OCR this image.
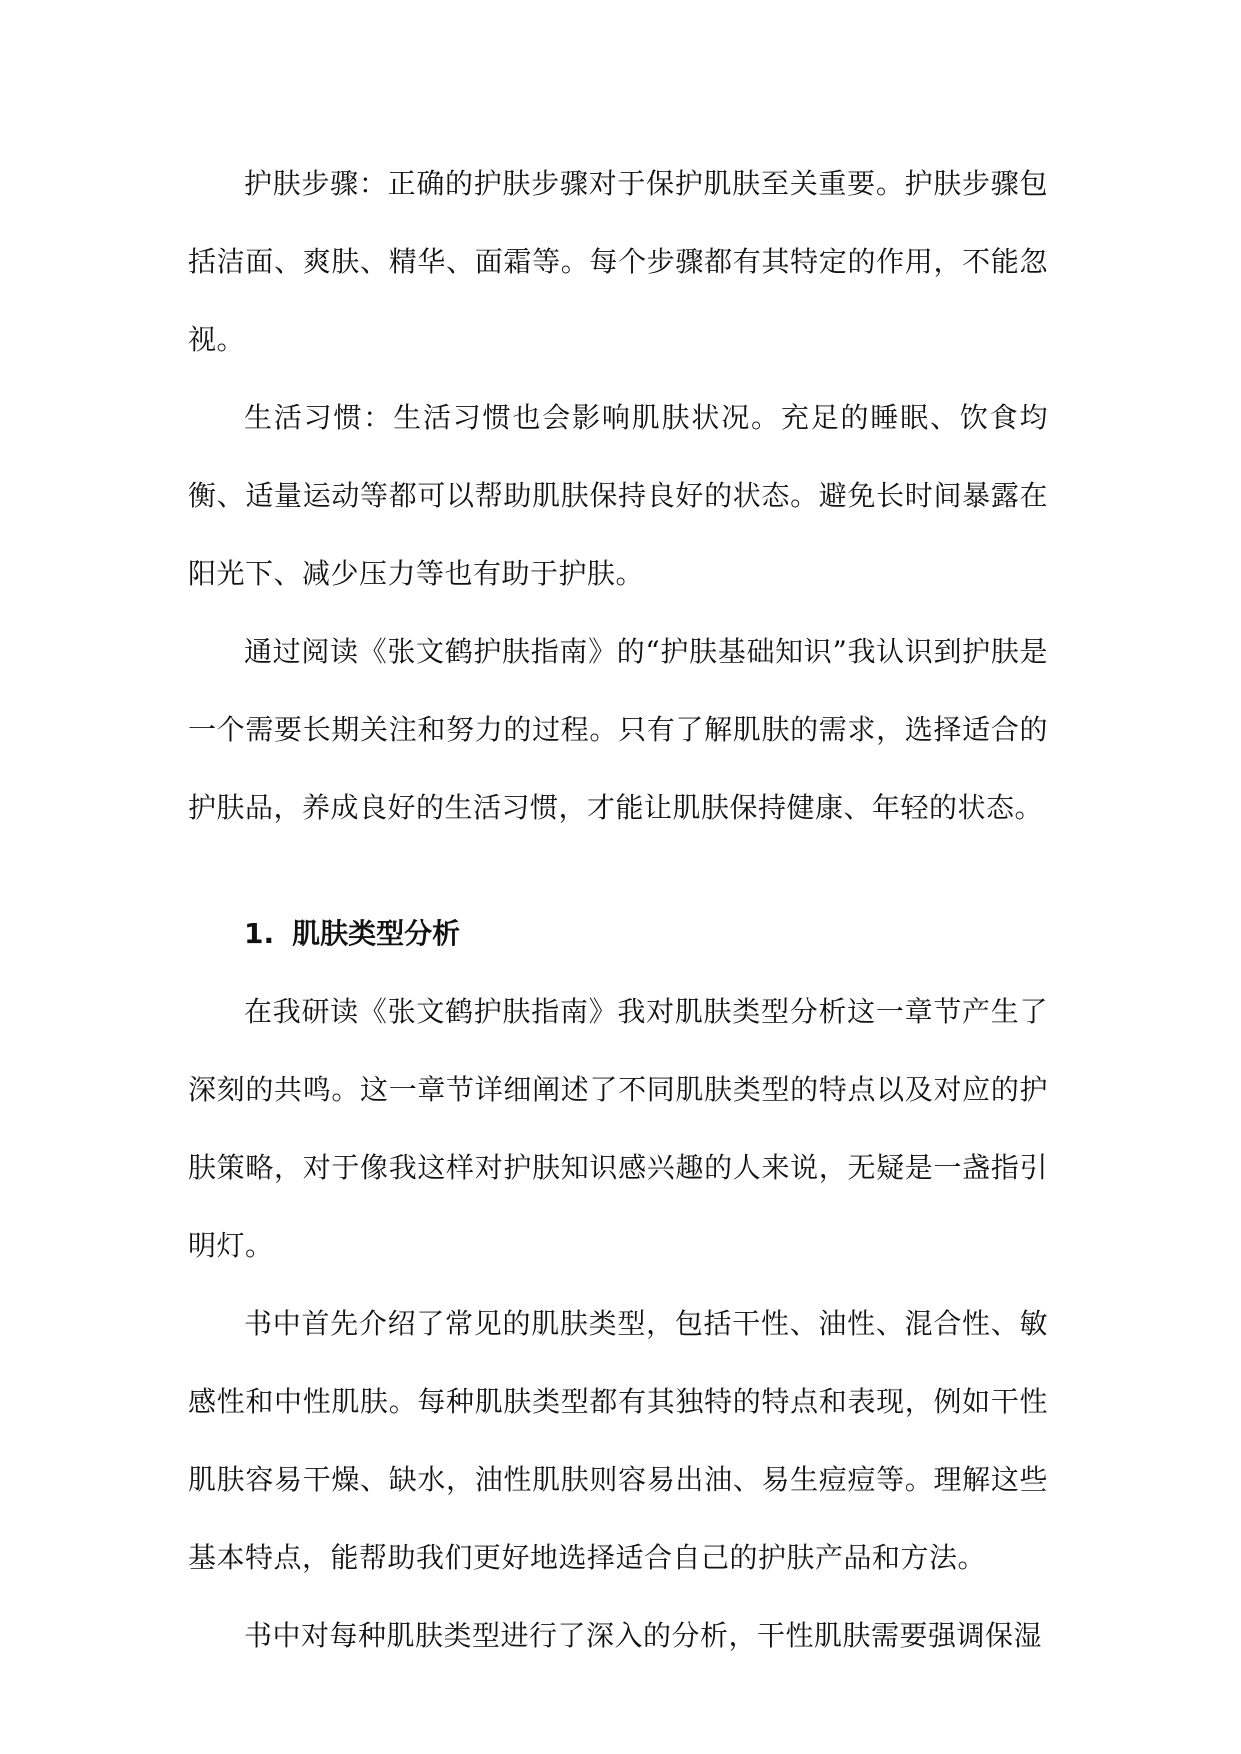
护肤步骤：正确的护肤步骤对于保护肌肤至关重要。护肤步骤包括洁面、爽肤、精华、面霜等。每个步骤都有其特定的作用，不能忽视。

生活习惯：生活习惯也会影响肌肤状况。充足的睡眠、饮食均衡、适量运动等都可以帮助肌肤保持良好的状态。避免长时间暴露在阳光下、减少压力等也有助于护肤。

通过阅读《张文鹤护肤指南》的“护肤基础知识”我认识到护肤是一个需要长期关注和努力的过程。只有了解肌肤的需求，选择适合的护肤品，养成良好的生活习惯，才能让肌肤保持健康、年轻的状态。

1. 肌肤类型分析

在我研读《张文鹤护肤指南》我对肌肤类型分析这一章节产生了深刻的共鸣。这一章节详细阐述了不同肌肤类型的特点以及对应的护肤策略，对于像我这样对护肤知识感兴趣的人来说，无疑是一盏指引明灯。

书中首先介绍了常见的肌肤类型，包括干性、油性、混合性、敏感性和中性肌肤。每种肌肤类型都有其独特的特点和表现，例如干性肌肤容易干燥、缺水，油性肌肤则容易出油、易生痘痘等。理解这些基本特点，能帮助我们更好地选择适合自己的护肤产品和方法。

书中对每种肌肤类型进行了深入的分析，干性肌肤需要强调保湿
